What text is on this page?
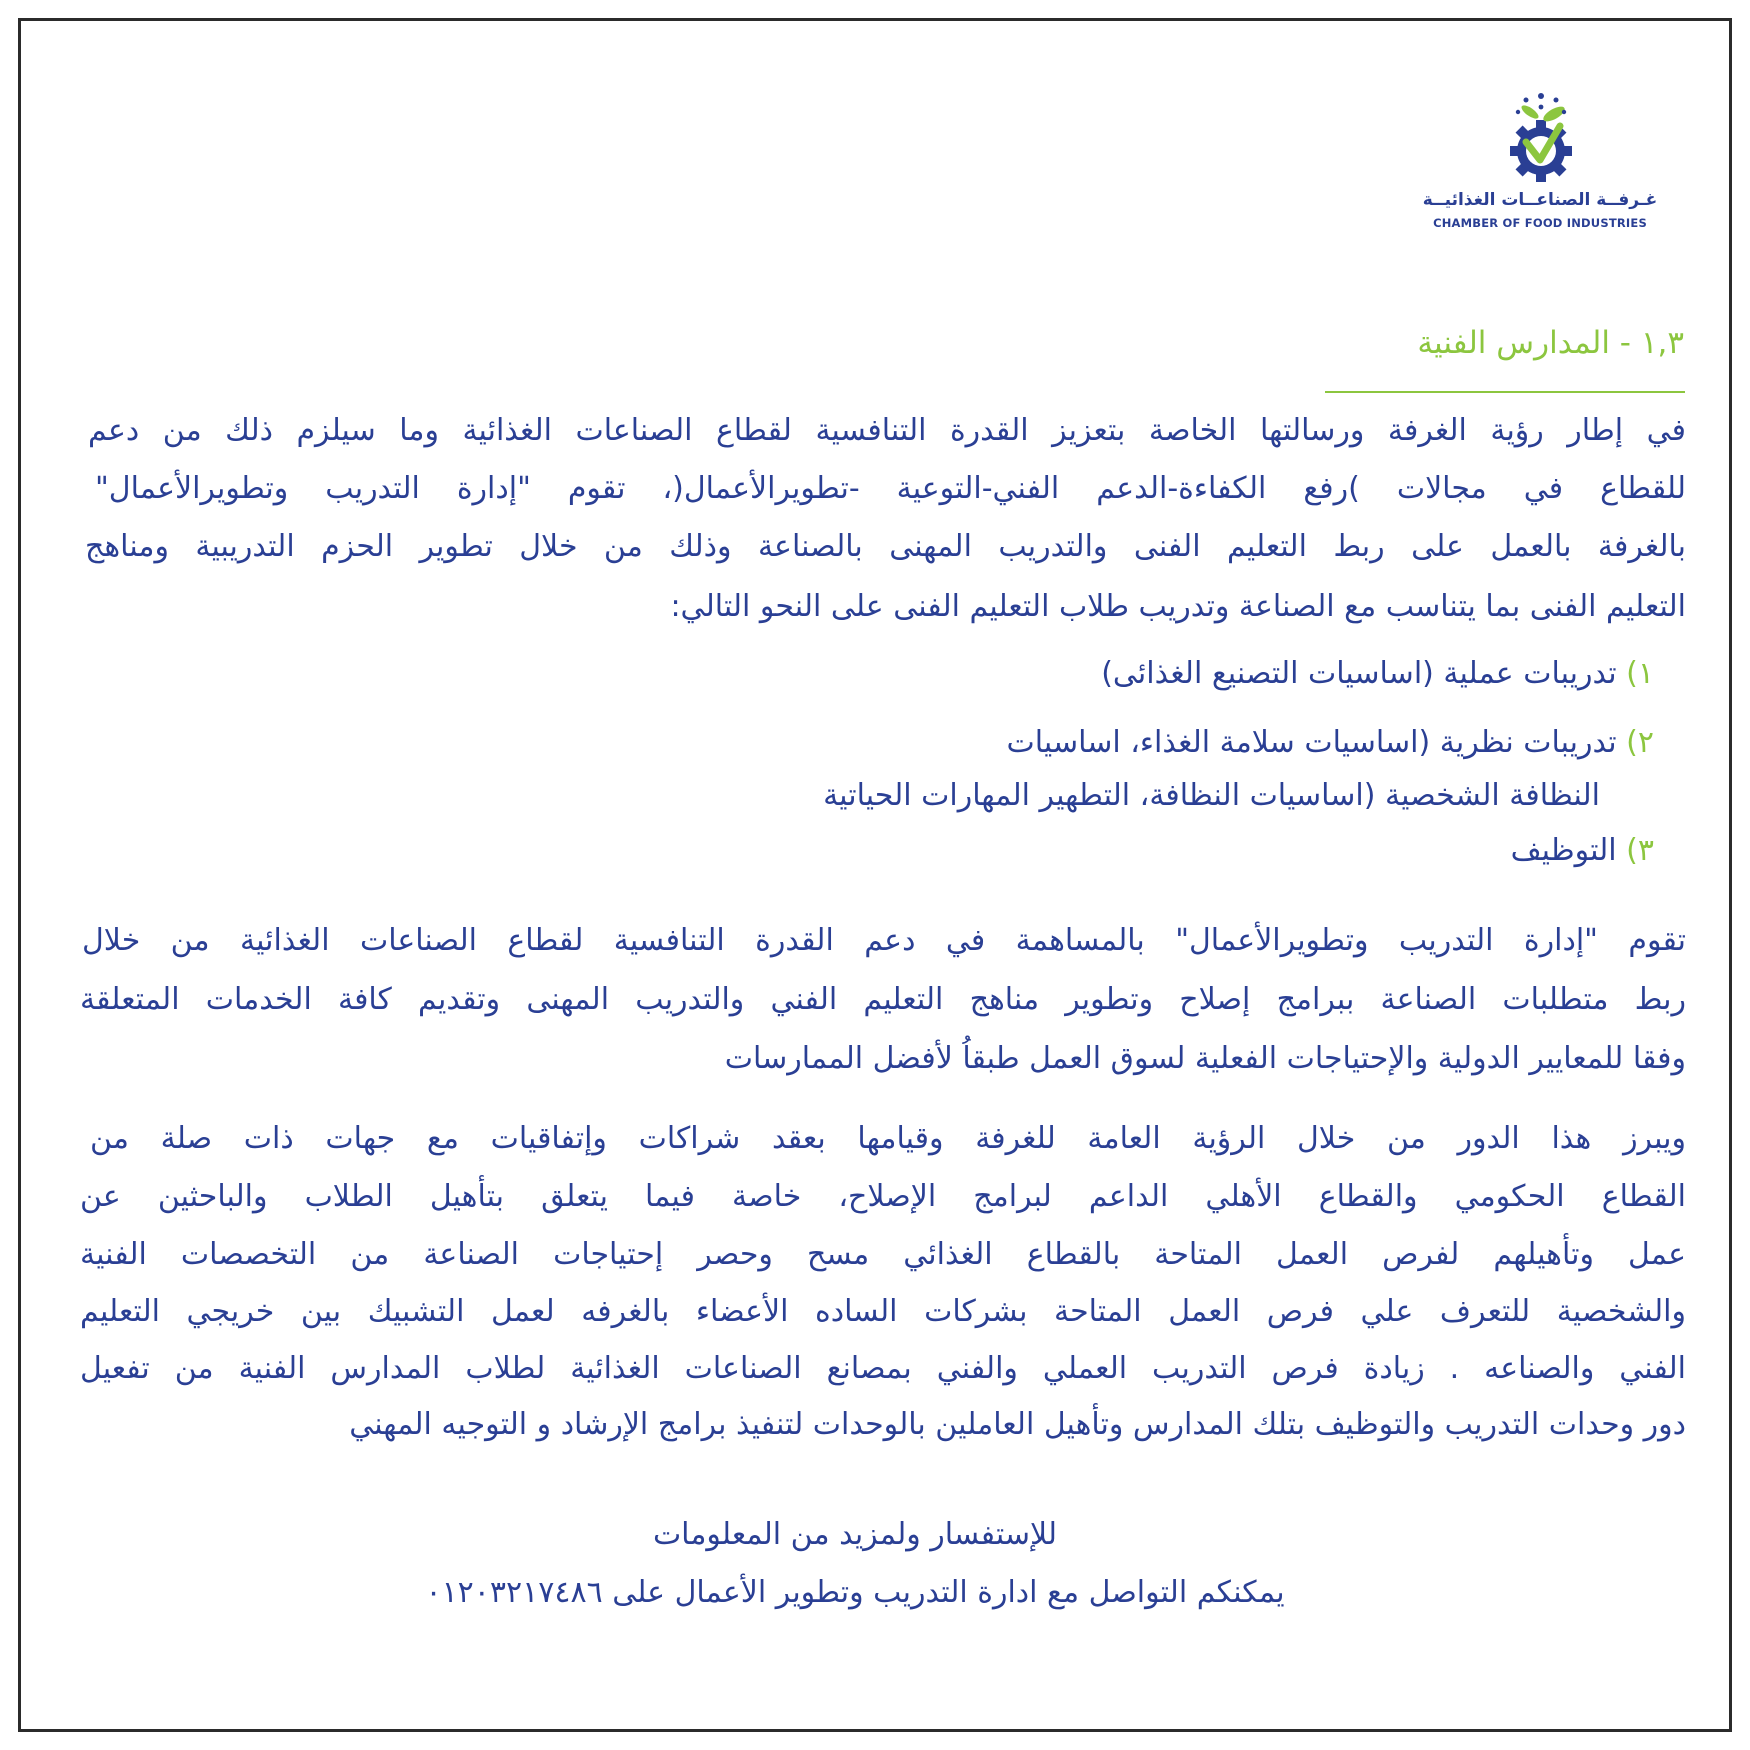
غـرفــة الصناعــات الغذائيــة
CHAMBER OF FOOD INDUSTRIES
١,٣ - المدارس الفنية
في إطار رؤية الغرفة ورسالتها الخاصة بتعزيز القدرة التنافسية لقطاع الصناعات الغذائية وما سيلزم ذلك من دعم
للقطاع في مجالات )رفع الكفاءة-الدعم الفني-التوعية -تطويرالأعمال(، تقوم "إدارة التدريب وتطويرالأعمال"
بالغرفة بالعمل على ربط التعليم الفنى والتدريب المهنى بالصناعة وذلك من خلال تطوير الحزم التدريبية ومناهج
التعليم الفنى بما يتناسب مع الصناعة وتدريب طلاب التعليم الفنى على النحو التالي:
١) تدريبات عملية (اساسيات التصنيع الغذائى)
٢) تدريبات نظرية (اساسيات سلامة الغذاء، اساسيات
النظافة الشخصية (اساسيات النظافة، التطهير المهارات الحياتية
٣) التوظيف
تقوم "إدارة التدريب وتطويرالأعمال" بالمساهمة في دعم القدرة التنافسية لقطاع الصناعات الغذائية من خلال
ربط متطلبات الصناعة ببرامج إصلاح وتطوير مناهج التعليم الفني والتدريب المهنى وتقديم كافة الخدمات المتعلقة
وفقا للمعايير الدولية والإحتياجات الفعلية لسوق العمل طبقاُ لأفضل الممارسات
ويبرز هذا الدور من خلال الرؤية العامة للغرفة وقيامها بعقد شراكات وإتفاقيات مع جهات ذات صلة من
القطاع الحكومي والقطاع الأهلي الداعم لبرامج الإصلاح، خاصة فيما يتعلق بتأهيل الطلاب والباحثين عن
عمل وتأهيلهم لفرص العمل المتاحة بالقطاع الغذائي مسح وحصر إحتياجات الصناعة من التخصصات الفنية
والشخصية للتعرف علي فرص العمل المتاحة بشركات الساده الأعضاء بالغرفه لعمل التشبيك بين خريجي التعليم
الفني والصناعه . زيادة فرص التدريب العملي والفني بمصانع الصناعات الغذائية لطلاب المدارس الفنية من تفعيل
دور وحدات التدريب والتوظيف بتلك المدارس وتأهيل العاملين بالوحدات لتنفيذ برامج الإرشاد و التوجيه المهني
للإستفسار ولمزيد من المعلومات
يمكنكم التواصل مع ادارة التدريب وتطوير الأعمال على ٠١٢٠٣٢١٧٤٨٦
